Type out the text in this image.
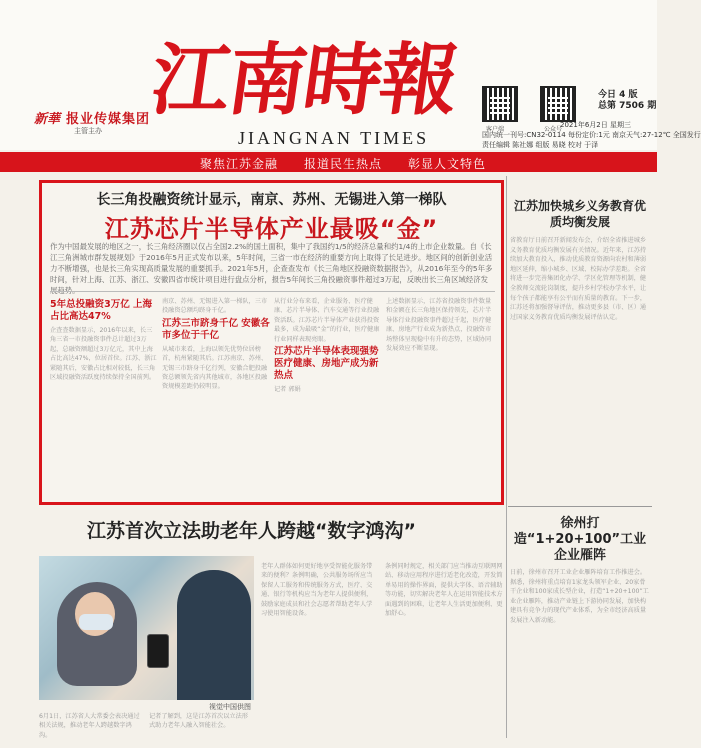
新華 报业传媒集团
主管主办
江南時報
JIANGNAN TIMES	客户端	公众号
今日 4 版
总第 7506 期
2021年6月2日 星期三
国内统一刊号:CN32-0114 每份定价:1元 南京天气:27-12℃ 全国发行
责任编辑 陈社娜 组版 易晓 校对 于泽
聚焦江苏金融 报道民生热点 彰显人文特色
长三角投融资统计显示，南京、苏州、无锡进入第一梯队
江苏芯片半导体产业最吸“金”
作为中国最发展的地区之一，长三角经济圈以仅占全国2.2%的国土面积，集中了我国约1/5的经济总量和约1/4的上市企业数量。自《长江三角洲城市群发展规划》于2016年5月正式发布以来，5年时间，三省一市在经济的重要方向上取得了长足进步。地区间的创新创业活力不断增强，也是长三角实现高质量发展的重要抓手。2021年5月，企查查发布《长三角地区投融资数据报告》，从2016年至今的5年多时间，针对上海、江苏、浙江、安徽四省市统计项目进行盘点分析，报告5年间长三角投融资事件超过3万起，反映出长三角区域经济发展趋势。
5年总投融资3万亿 上海占比高达47%
企查查数据显示，2016年以来，长三角三省一市投融资事件总计超过3万起，总融资额超过3万亿元，其中上海占比高达47%，位居首位。江苏、浙江紧随其后，安徽占比相对较低，长三角区域投融资活跃度持续保持全国前列。
南京、苏州、无锡进入第一梯队，三市投融资总额均跻身千亿。
江苏三市跻身千亿 安徽各市多位于千亿
从城市来看，上海以领先优势位居榜首，杭州紧随其后。江苏南京、苏州、无锡三市跻身千亿行列，安徽合肥投融资总额领先省内其他城市，各地区投融资规模差距仍较明显。
从行业分布来看，企业服务、医疗健康、芯片半导体、汽车交通等行业投融资活跃。江苏芯片半导体产业获得投资最多，成为最吸“金”的行业，医疗健康行业同样表现亮眼。
江苏芯片半导体表现强势 医疗健康、房地产成为新热点
记者 郭娟
上述数据显示，江苏省投融资事件数量和金额在长三角地区保持领先，芯片半导体行业投融资事件超过千起，医疗健康、房地产行业成为新热点，投融资市场整体呈现稳中有升的态势，区域协同发展效应不断显现。
江苏首次立法助老年人跨越“数字鸿沟”
视觉中国供图
6月1日，江苏省人大常委会表决通过相关法规，推动老年人跨越数字鸿沟。
记者了解到，这是江苏首次以立法形式助力老年人融入智能社会。
老年人群体如何更好地享受智能化服务带来的便利？条例明确，公共服务场所应当保留人工服务和传统服务方式，医疗、交通、银行等机构应当为老年人提供便利，鼓励家庭成员和社会志愿者帮助老年人学习使用智能设备。
条例同时规定，相关部门应当推动互联网网站、移动应用程序进行适老化改造，开发简单易用的操作界面，提供大字体、语音辅助等功能，切实解决老年人在运用智能技术方面遇到的困难，让老年人生活更加便利、更加舒心。
江苏加快城乡义务教育优质均衡发展
省教育厅日前召开新闻发布会，介绍全省推进城乡义务教育优质均衡发展有关情况。近年来，江苏持续加大教育投入，推动优质教育资源向农村和薄弱地区延伸，缩小城乡、区域、校际办学差距。全省将进一步完善集团化办学、学区化管理等机制，健全教师交流轮岗制度，提升乡村学校办学水平，让每个孩子都能享有公平而有质量的教育。下一步，江苏还将加强督导评估，推动更多县（市、区）通过国家义务教育优质均衡发展评估认定。
徐州打造“1+20+100”工业企业雁阵
日前，徐州市召开工业企业雁阵培育工作推进会。据悉，徐州将重点培育1家龙头领军企业、20家骨干企业和100家成长型企业，打造“1+20+100”工业企业雁阵，推动产业链上下游协同发展，加快构建具有竞争力的现代产业体系，为全市经济高质量发展注入新动能。
